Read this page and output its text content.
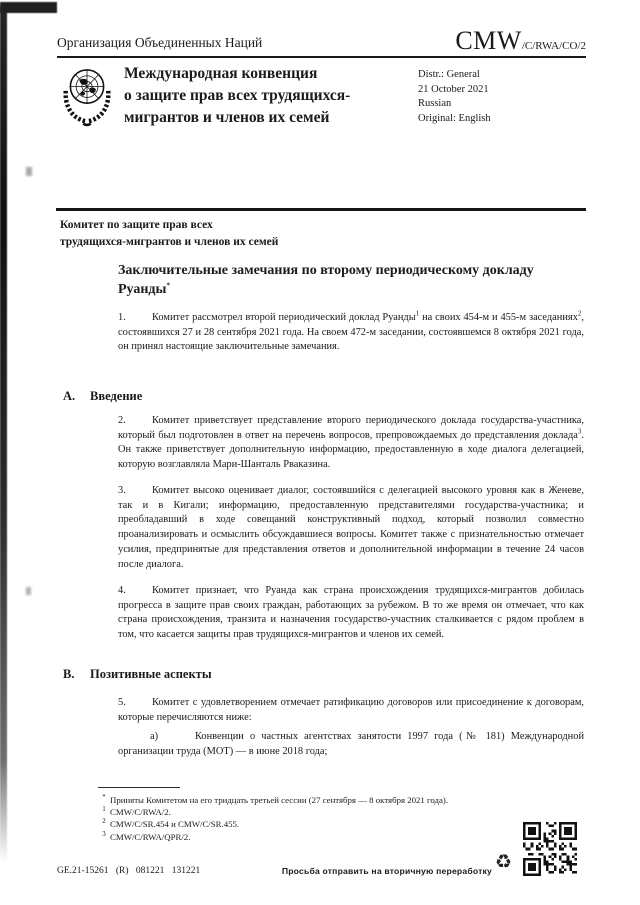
Организация Объединенных Наций	CMW /C/RWA/CO/2
Международная конвенция
о защите прав всех трудящихся-
мигрантов и членов их семей
Distr.: General
21 October 2021
Russian
Original: English
Комитет по защите прав всех
трудящихся-мигрантов и членов их семей
Заключительные замечания по второму периодическому докладу Руанды*
1.	Комитет рассмотрел второй периодический доклад Руанды$^1$ на своих 454-м и 455-м заседаниях$^2$, состоявшихся 27 и 28 сентября 2021 года. На своем 472-м заседании, состоявшемся 8 октября 2021 года, он принял настоящие заключительные замечания.
A. Введение
2.	Комитет приветствует представление второго периодического доклада государства-участника, который был подготовлен в ответ на перечень вопросов, препровождаемых до представления доклада$^3$. Он также приветствует дополнительную информацию, предоставленную в ходе диалога делегацией, которую возглавляла Мари-Шанталь Рваказина.
3.	Комитет высоко оценивает диалог, состоявшийся с делегацией высокого уровня как в Женеве, так и в Кигали; информацию, предоставленную представителями государства-участника; и преобладавший в ходе совещаний конструктивный подход, который позволил совместно проанализировать и осмыслить обсуждавшиеся вопросы. Комитет также с признательностью отмечает усилия, предпринятые для представления ответов и дополнительной информации в течение 24 часов после диалога.
4.	Комитет признает, что Руанда как страна происхождения трудящихся-мигрантов добилась прогресса в защите прав своих граждан, работающих за рубежом. В то же время он отмечает, что как страна происхождения, транзита и назначения государство-участник сталкивается с рядом проблем в том, что касается защиты прав трудящихся-мигрантов и членов их семей.
B. Позитивные аспекты
5.	Комитет с удовлетворением отмечает ратификацию договоров или присоединение к договорам, которые перечисляются ниже:
a)	Конвенции о частных агентствах занятости 1997 года (№ 181) Международной организации труда (МОТ) — в июне 2018 года;
* Приняты Комитетом на его тридцать третьей сессии (27 сентября — 8 октября 2021 года).
$^1$ CMW/C/RWA/2.
$^2$ CMW/C/SR.454 и CMW/C/SR.455.
$^3$ CMW/C/RWA/QPR/2.
GE.21-15261 (R) 081221 131221	Просьба отправить на вторичную переработку ♻
